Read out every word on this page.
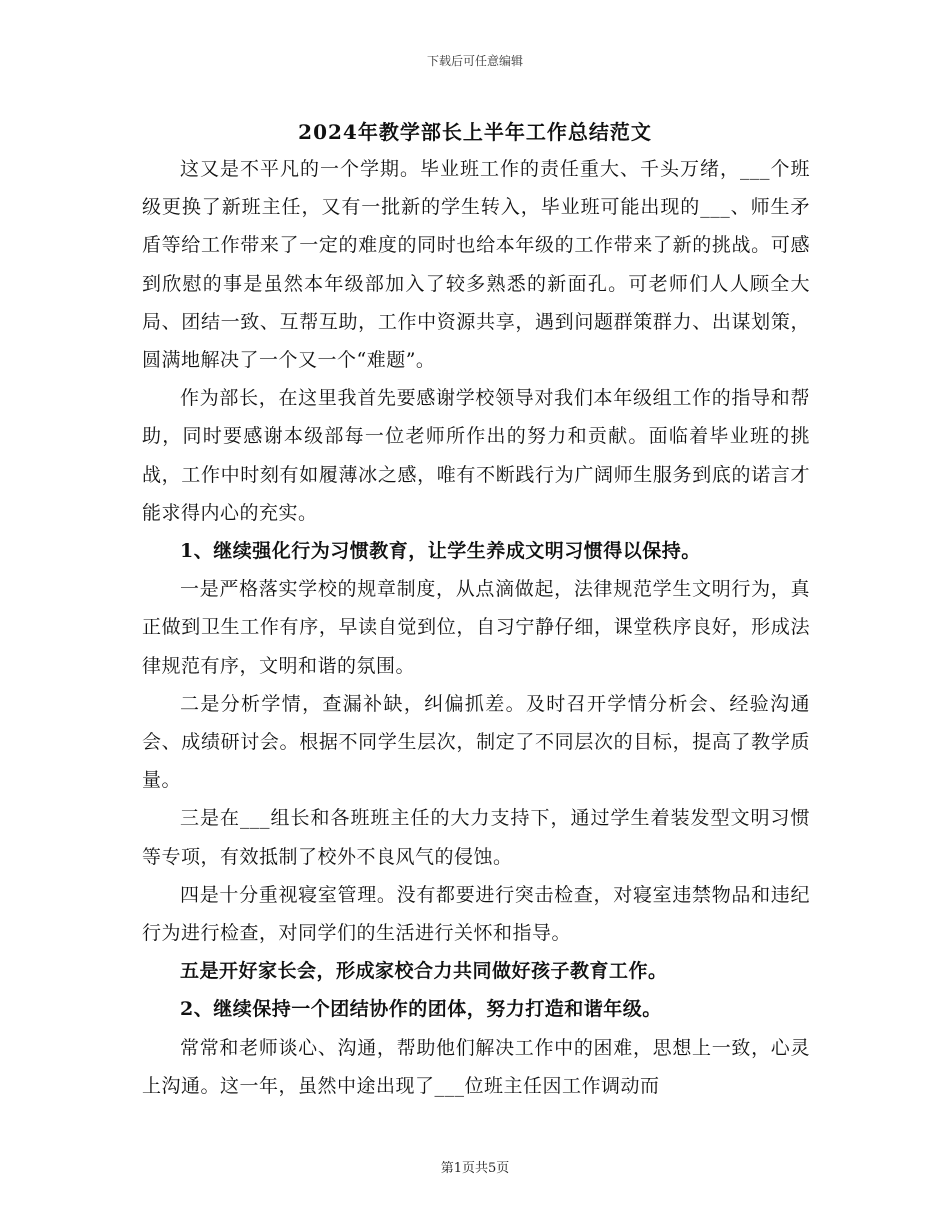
下载后可任意编辑
2024年教学部长上半年工作总结范文

这又是不平凡的一个学期。毕业班工作的责任重大、千头万绪，___个班级更换了新班主任，又有一批新的学生转入，毕业班可能出现的___、师生矛盾等给工作带来了一定的难度的同时也给本年级的工作带来了新的挑战。可感到欣慰的事是虽然本年级部加入了较多熟悉的新面孔。可老师们人人顾全大局、团结一致、互帮互助，工作中资源共享，遇到问题群策群力、出谋划策，圆满地解决了一个又一个“难题”。

作为部长，在这里我首先要感谢学校领导对我们本年级组工作的指导和帮助，同时要感谢本级部每一位老师所作出的努力和贡献。面临着毕业班的挑战，工作中时刻有如履薄冰之感，唯有不断践行为广阔师生服务到底的诺言才能求得内心的充实。

1、继续强化行为习惯教育，让学生养成文明习惯得以保持。

一是严格落实学校的规章制度，从点滴做起，法律规范学生文明行为，真正做到卫生工作有序，早读自觉到位，自习宁静仔细，课堂秩序良好，形成法律规范有序，文明和谐的氛围。

二是分析学情，查漏补缺，纠偏抓差。及时召开学情分析会、经验沟通会、成绩研讨会。根据不同学生层次，制定了不同层次的目标，提高了教学质量。

三是在___组长和各班班主任的大力支持下，通过学生着装发型文明习惯等专项，有效抵制了校外不良风气的侵蚀。

四是十分重视寝室管理。没有都要进行突击检查，对寝室违禁物品和违纪行为进行检查，对同学们的生活进行关怀和指导。

五是开好家长会，形成家校合力共同做好孩子教育工作。

2、继续保持一个团结协作的团体，努力打造和谐年级。

常常和老师谈心、沟通，帮助他们解决工作中的困难，思想上一致，心灵上沟通。这一年，虽然中途出现了___位班主任因工作调动而

第1页共5页
